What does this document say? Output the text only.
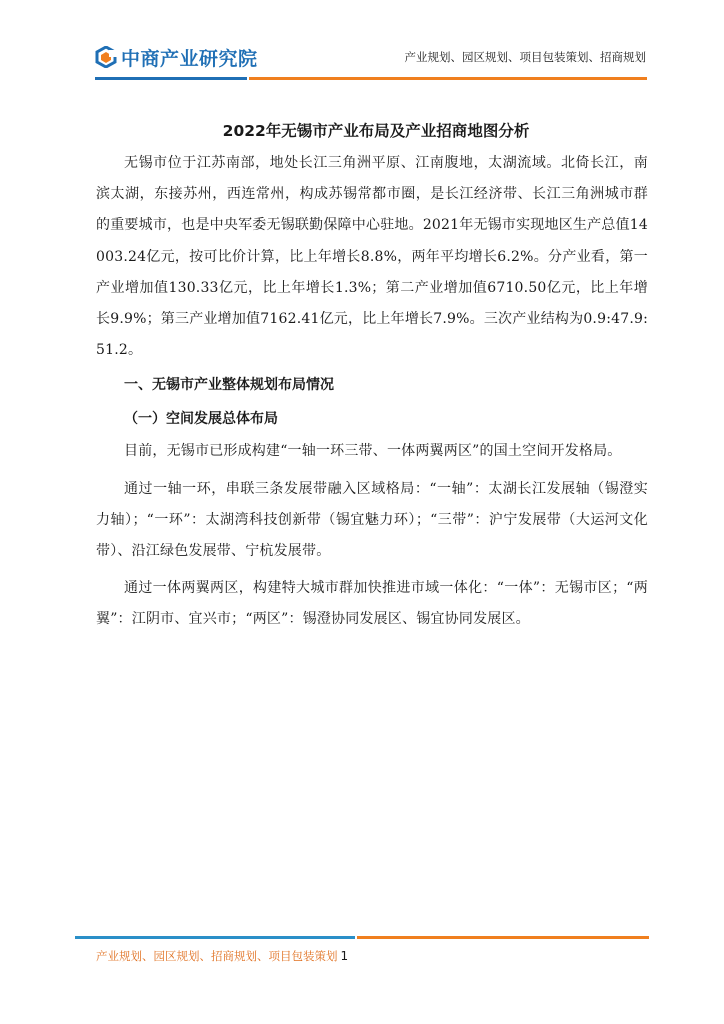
中商产业研究院	产业规划、园区规划、项目包装策划、招商规划
2022年无锡市产业布局及产业招商地图分析

无锡市位于江苏南部，地处长江三角洲平原、江南腹地，太湖流域。北倚长江，南滨太湖，东接苏州，西连常州，构成苏锡常都市圈，是长江经济带、长江三角洲城市群的重要城市，也是中央军委无锡联勤保障中心驻地。2021年无锡市实现地区生产总值14003.24亿元，按可比价计算，比上年增长8.8%，两年平均增长6.2%。分产业看，第一产业增加值130.33亿元，比上年增长1.3%；第二产业增加值6710.50亿元，比上年增长9.9%；第三产业增加值7162.41亿元，比上年增长7.9%。三次产业结构为0.9:47.9:51.2。

一、无锡市产业整体规划布局情况
（一）空间发展总体布局

目前，无锡市已形成构建“一轴一环三带、一体两翼两区”的国土空间开发格局。

通过一轴一环，串联三条发展带融入区域格局：“一轴”：太湖长江发展轴（锡澄实力轴）；“一环”：太湖湾科技创新带（锡宜魅力环）；“三带”：沪宁发展带（大运河文化带）、沿江绿色发展带、宁杭发展带。

通过一体两翼两区，构建特大城市群加快推进市域一体化：“一体”：无锡市区；“两翼”：江阴市、宜兴市；“两区”：锡澄协同发展区、锡宜协同发展区。

产业规划、园区规划、招商规划、项目包装策划 1
